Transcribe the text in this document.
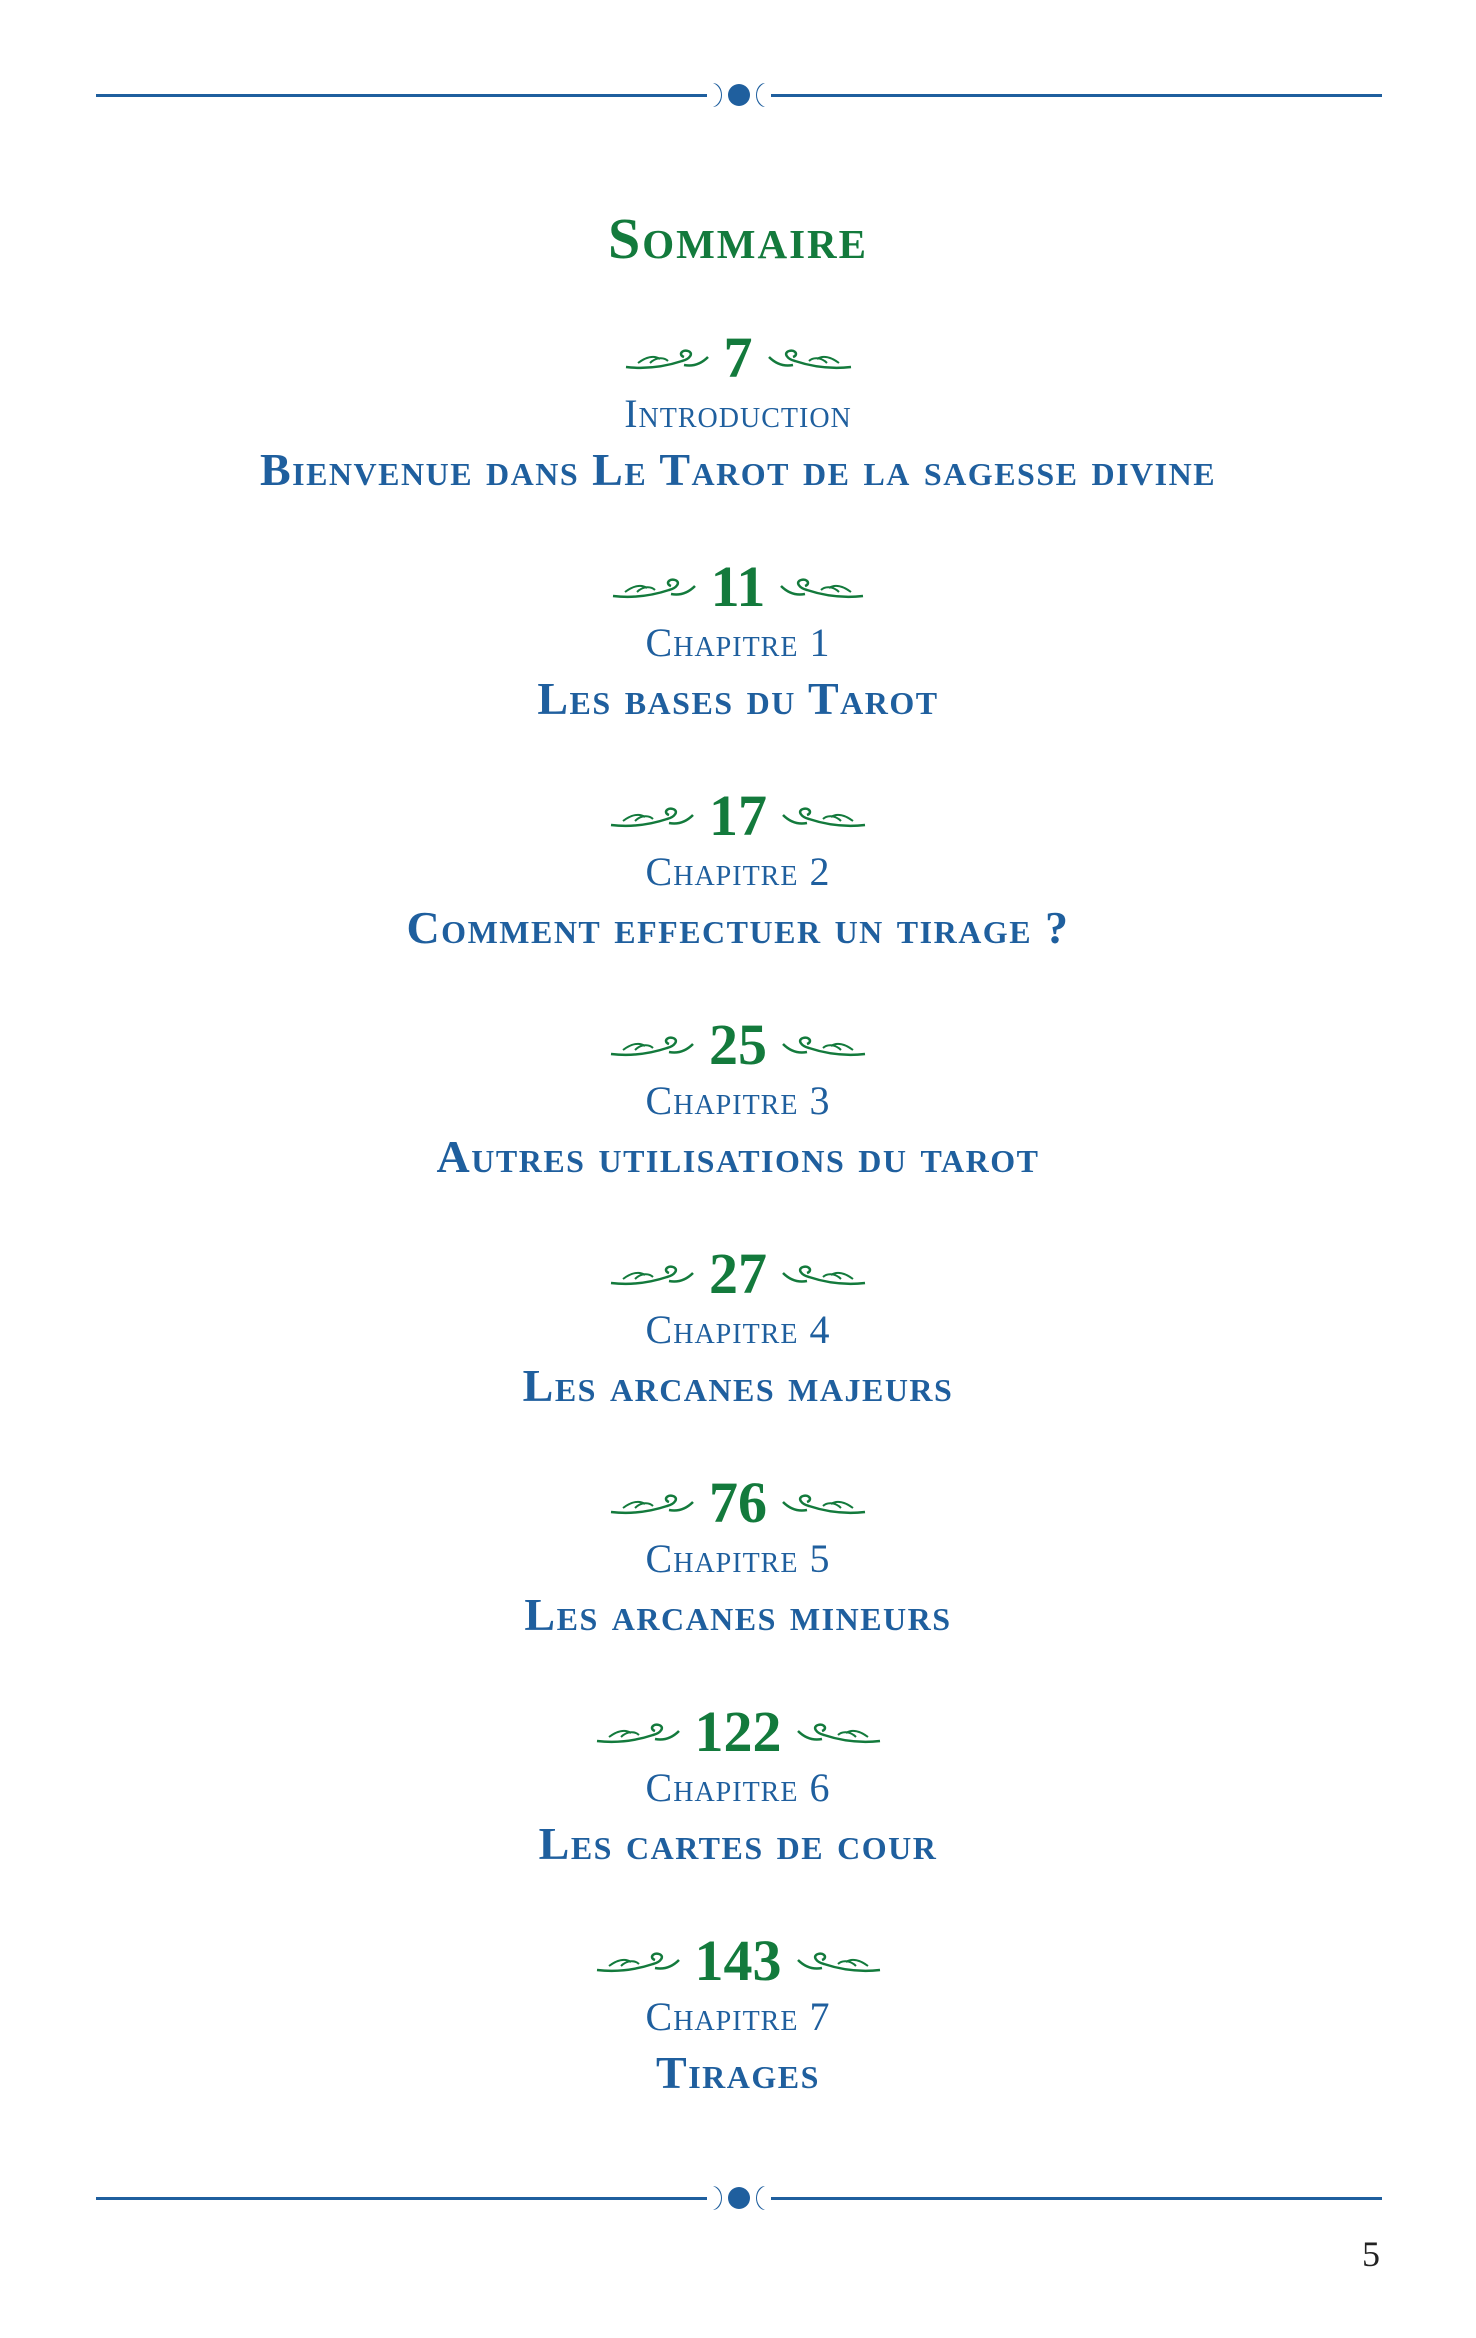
Sommaire
7
Introduction
Bienvenue dans Le Tarot de la sagesse divine
11
Chapitre 1
Les bases du Tarot
17
Chapitre 2
Comment effectuer un tirage ?
25
Chapitre 3
Autres utilisations du tarot
27
Chapitre 4
Les arcanes majeurs
76
Chapitre 5
Les arcanes mineurs
122
Chapitre 6
Les cartes de cour
143
Chapitre 7
Tirages
5
